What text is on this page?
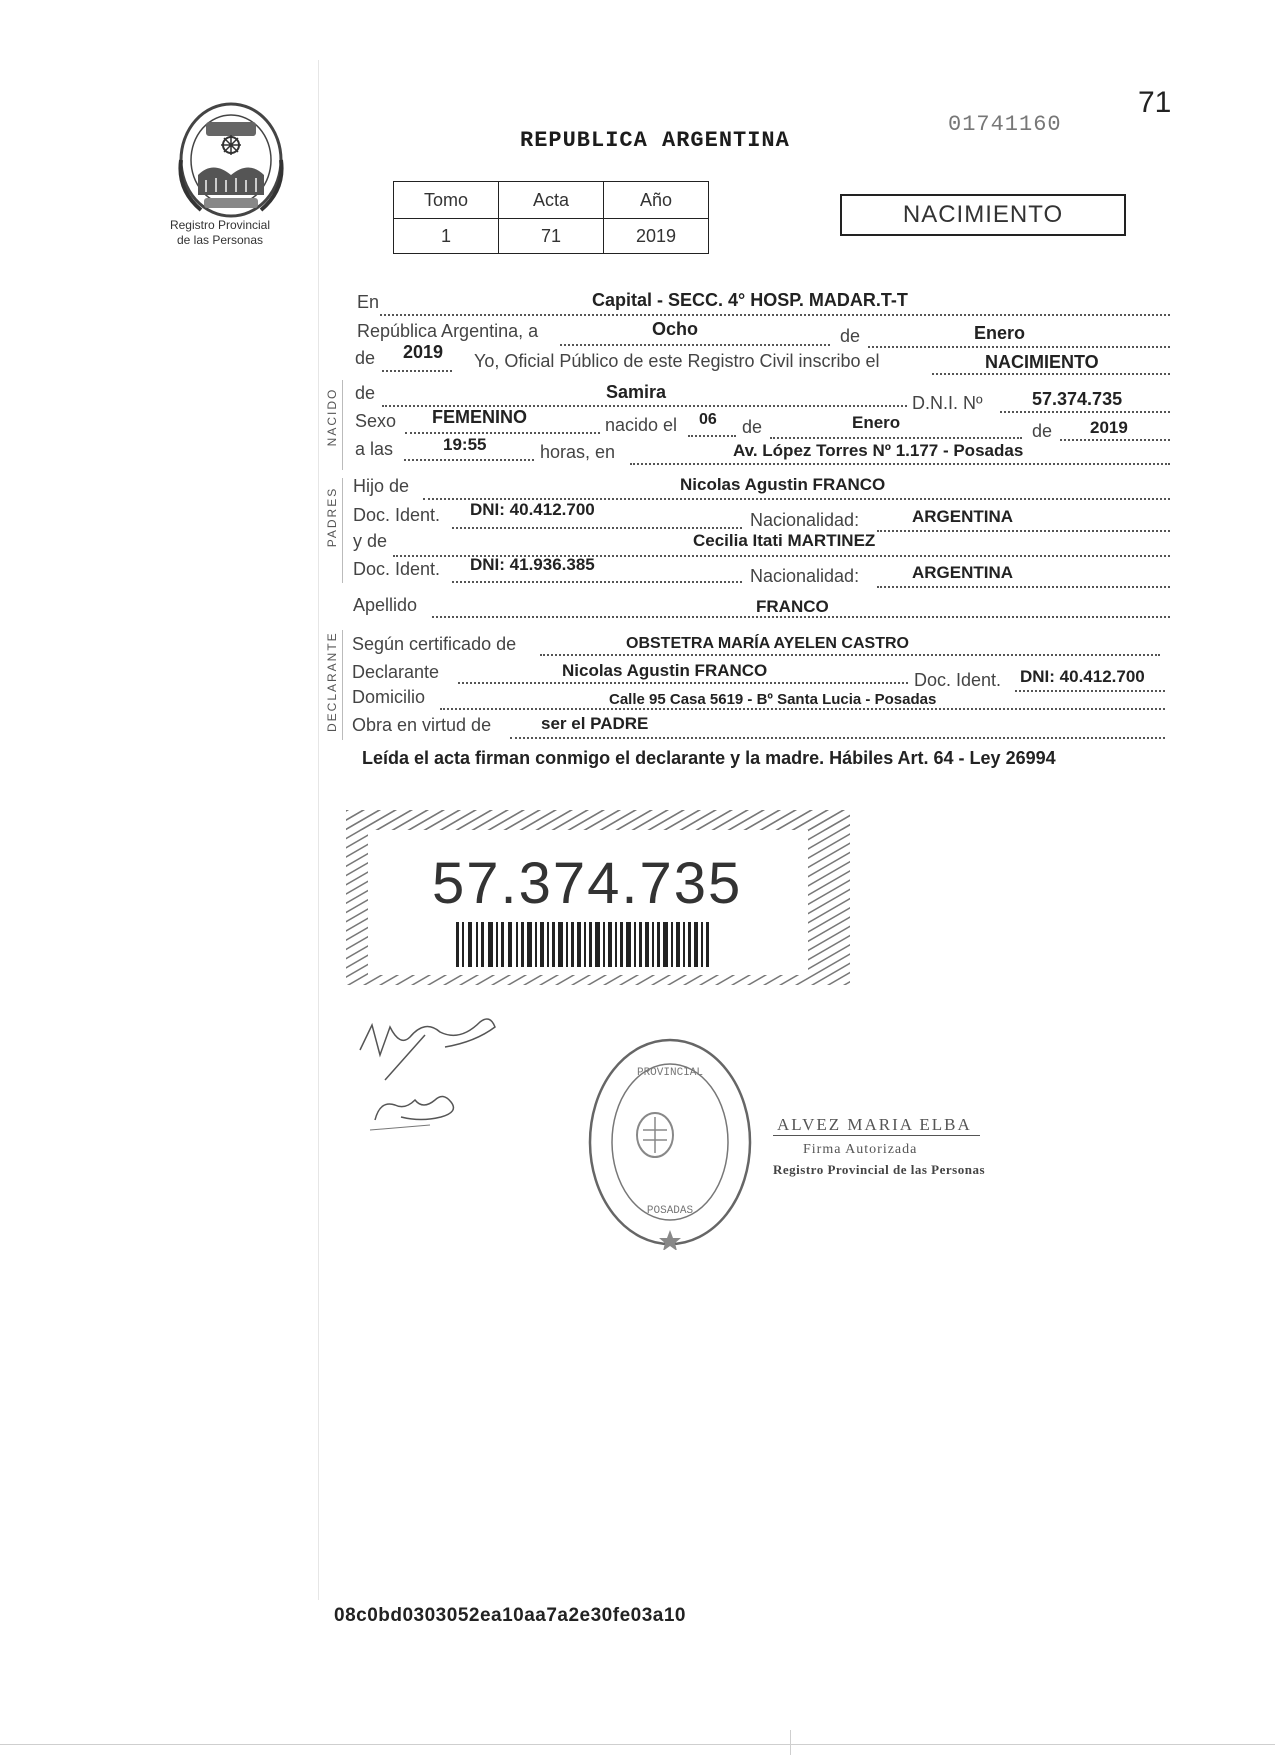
Registro Provincial
de las Personas
REPUBLICA ARGENTINA
01741160
71
Tomo	Acta	Año
1	71	2019
NACIMIENTO
En	Capital - SECC. 4° HOSP. MADAR.T-T
República Argentina, a	Ocho	de	Enero
de 2019 Yo, Oficial Público de este Registro Civil inscribo el	NACIMIENTO
NACIDO de	Samira
D.N.I. Nº	57.374.735
Sexo FEMENINO	nacido el 06 de	Enero	de 2019
a las	19:55	horas, en	Av. López Torres Nº 1.177 - Posadas
PADRES
Hijo de	Nicolas Agustin FRANCO
Doc. Ident. DNI: 40.412.700
Nacionalidad:	ARGENTINA
y de	Cecilia Itati MARTINEZ
Doc. Ident. DNI: 41.936.385
Nacionalidad:	ARGENTINA
Apellido	FRANCO
DECLARANTE Según certificado de	OBSTETRA MARÍA AYELEN CASTRO
Declarante	Nicolas Agustin FRANCO	Doc. Ident. DNI: 40.412.700
Domicilio	Calle 95 Casa 5619 - Bº Santa Lucia - Posadas
Obra en virtud de	ser el PADRE
Leída el acta firman conmigo el declarante y la madre. Hábiles Art. 64 - Ley 26994
57.374.735
PROVINCIAL
POSADAS
ALVEZ MARIA ELBA
Firma Autorizada
Registro Provincial de las Personas
08c0bd0303052ea10aa7a2e30fe03a10
